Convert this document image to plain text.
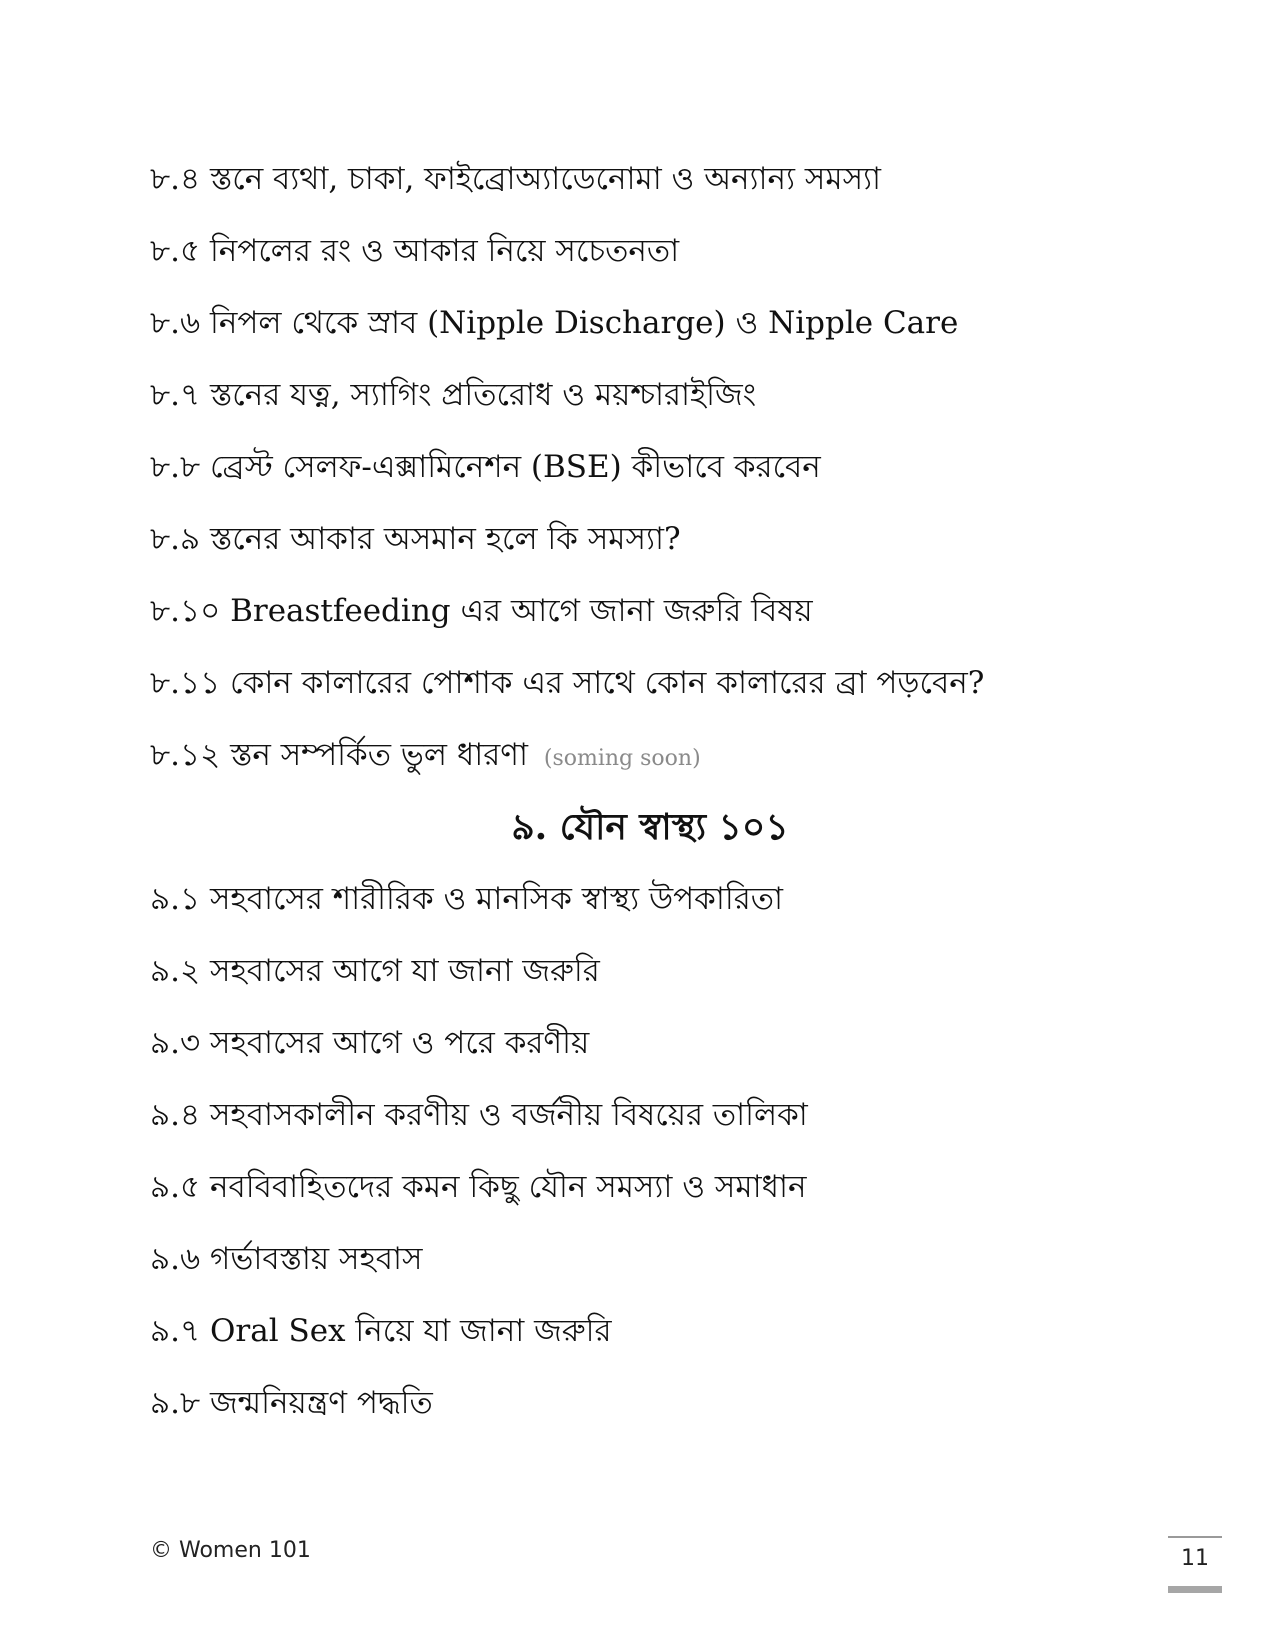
৮.৪ স্তনে ব্যথা, চাকা, ফাইব্রোঅ্যাডেনোমা ও অন্যান্য সমস্যা
৮.৫ নিপলের রং ও আকার নিয়ে সচেতনতা
৮.৬ নিপল থেকে স্রাব (Nipple Discharge) ও Nipple Care
৮.৭ স্তনের যত্ন, স্যাগিং প্রতিরোধ ও ময়শ্চারাইজিং
৮.৮ ব্রেস্ট সেলফ-এক্সামিনেশন (BSE) কীভাবে করবেন
৮.৯ স্তনের আকার অসমান হলে কি সমস্যা?
৮.১০ Breastfeeding এর আগে জানা জরুরি বিষয়
৮.১১ কোন কালারের পোশাক এর সাথে কোন কালারের ব্রা পড়বেন?
৮.১২ স্তন সম্পর্কিত ভুল ধারণা (soming soon)
৯. যৌন স্বাস্থ্য ১০১
৯.১ সহবাসের শারীরিক ও মানসিক স্বাস্থ্য উপকারিতা
৯.২ সহবাসের আগে যা জানা জরুরি
৯.৩ সহবাসের আগে ও পরে করণীয়
৯.৪ সহবাসকালীন করণীয় ও বর্জনীয় বিষয়ের তালিকা
৯.৫ নববিবাহিতদের কমন কিছু যৌন সমস্যা ও সমাধান
৯.৬ গর্ভাবস্তায় সহবাস
৯.৭ Oral Sex নিয়ে যা জানা জরুরি
৯.৮ জন্মনিয়ন্ত্রণ পদ্ধতি
© Women 101	11
